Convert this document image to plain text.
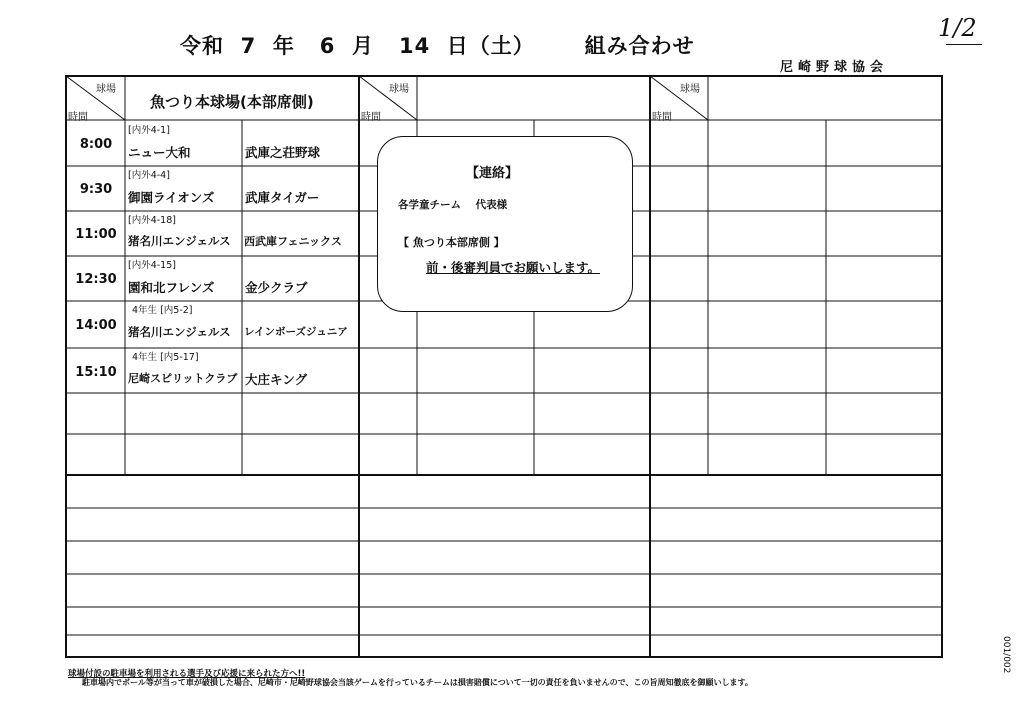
令和  7  年   6  月   14  日（土）      組み合わせ
尼崎野球協会
1/2
球場
時間
球場
時間
球場
時間
魚つり本球場(本部席側)
8:00
[内外4-1]
ニュー大和	武庫之荘野球
9:30
[内外4-4]
御園ライオンズ 武庫タイガー
11:00
[内外4-18]
猪名川エンジェルス 西武庫フェニックス
12:30
[内外4-15]
園和北フレンズ 金少クラブ
14:00
4年生 [内5-2]
猪名川エンジェルス レインボーズジュニア
15:10
4年生 [内5-17]
尼崎スピリットクラブ 大庄キング
【連絡】
各学童チーム    代表様
【 魚つり本部席側 】
前・後審判員でお願いします。
球場付設の駐車場を利用される選手及び応援に来られた方へ!!
駐車場内でボール等が当って車が破損した場合、尼崎市・尼崎野球協会当該ゲームを行っているチームは損害賠償について一切の責任を負いませんので、この旨周知徹底を御願いします。
001/002
